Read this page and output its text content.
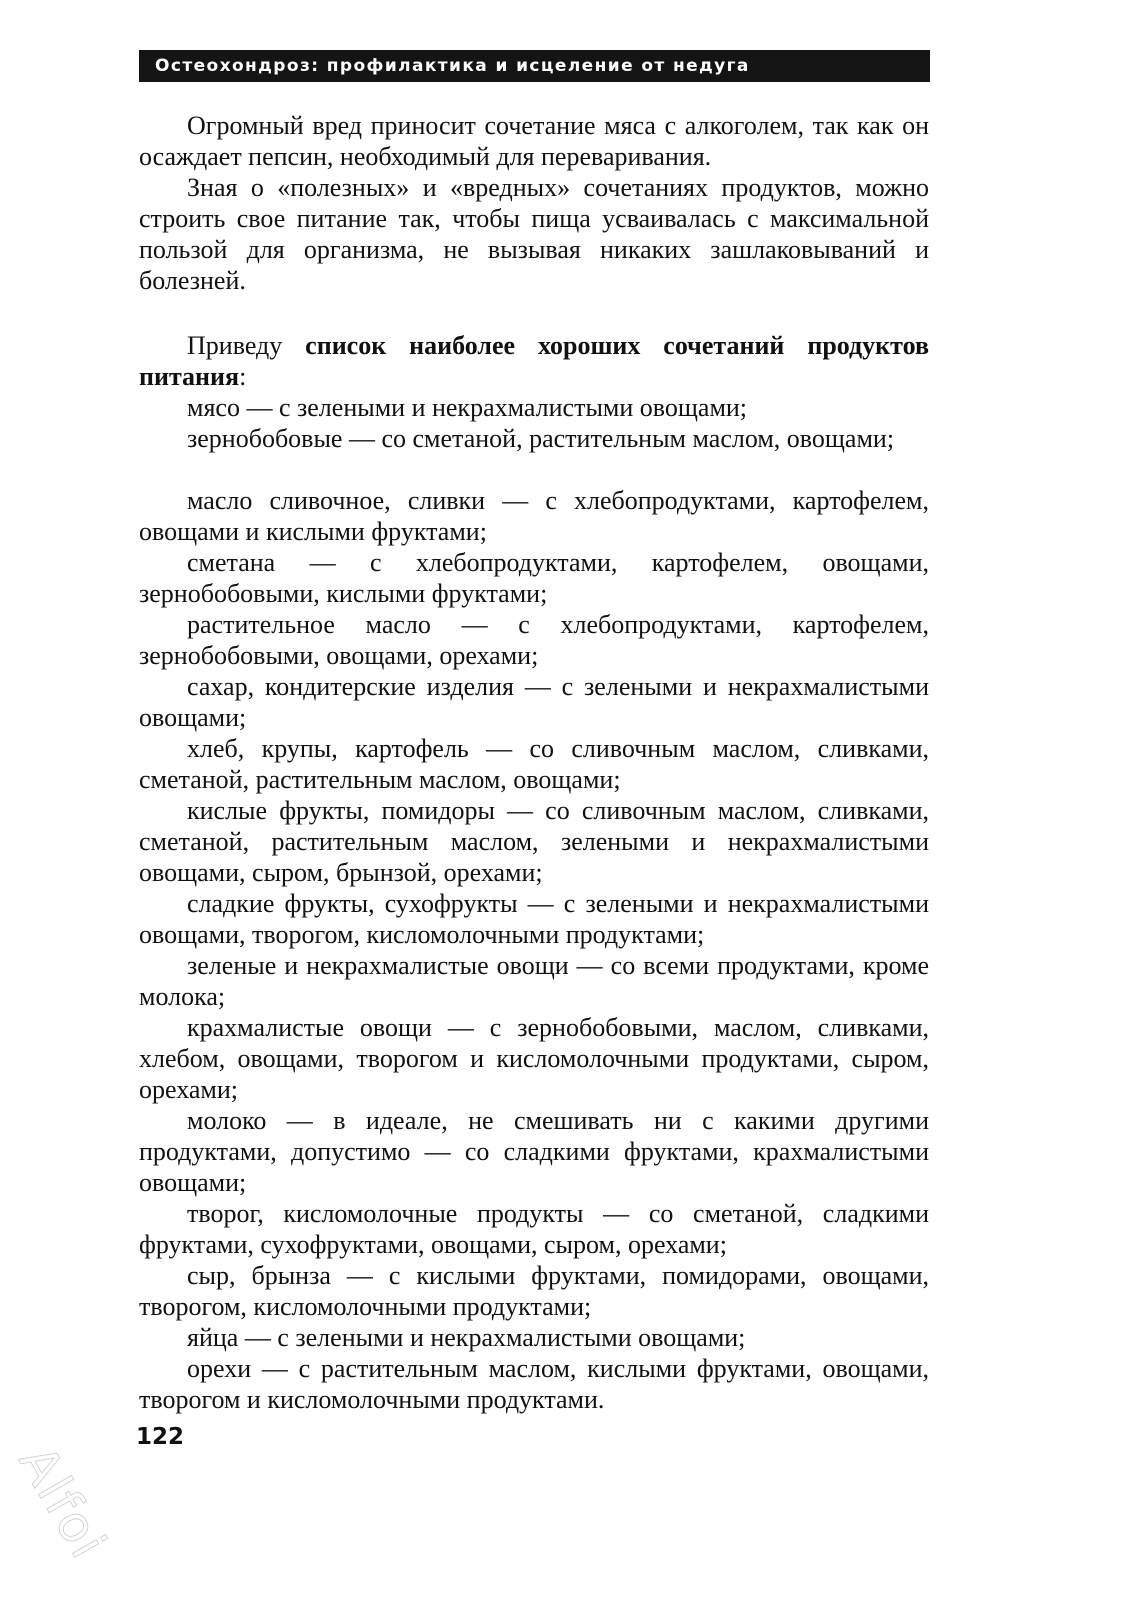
Остеохондроз: профилактика и исцеление от недуга

Огромный вред приносит сочетание мяса с алкоголем, так как он осаждает пепсин, необходимый для переваривания.

Зная о «полезных» и «вредных» сочетаниях продуктов, можно строить свое питание так, чтобы пища усваивалась с максимальной пользой для организма, не вызывая никаких зашлаковываний и болезней.

Приведу список наиболее хороших сочетаний продуктов питания:

мясо — с зелеными и некрахмалистыми овощами;

зернобобовые — со сметаной, растительным маслом, овощами;

масло сливочное, сливки — с хлебопродуктами, картофелем, овощами и кислыми фруктами;

сметана — с хлебопродуктами, картофелем, овощами, зернобобовыми, кислыми фруктами;

растительное масло — с хлебопродуктами, картофелем, зернобобовыми, овощами, орехами;

сахар, кондитерские изделия — с зелеными и некрахмалистыми овощами;

хлеб, крупы, картофель — со сливочным маслом, сливками, сметаной, растительным маслом, овощами;

кислые фрукты, помидоры — со сливочным маслом, сливками, сметаной, растительным маслом, зелеными и некрахмалистыми овощами, сыром, брынзой, орехами;

сладкие фрукты, сухофрукты — с зелеными и некрахмалистыми овощами, творогом, кисломолочными продуктами;

зеленые и некрахмалистые овощи — со всеми продуктами, кроме молока;

крахмалистые овощи — с зернобобовыми, маслом, сливками, хлебом, овощами, творогом и кисломолочными продуктами, сыром, орехами;

молоко — в идеале, не смешивать ни с какими другими продуктами, допустимо — со сладкими фруктами, крахмалистыми овощами;

творог, кисломолочные продукты — со сметаной, сладкими фруктами, сухофруктами, овощами, сыром, орехами;

сыр, брынза — с кислыми фруктами, помидорами, овощами, творогом, кисломолочными продуктами;

яйца — с зелеными и некрахмалистыми овощами;

орехи — с растительным маслом, кислыми фруктами, овощами, творогом и кисломолочными продуктами.

122
Alfoi
